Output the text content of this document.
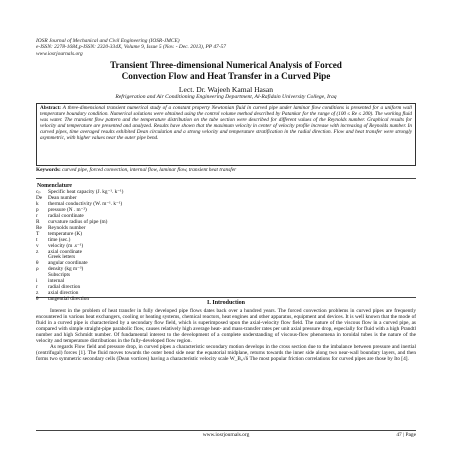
IOSR Journal of Mechanical and Civil Engineering (IOSR-JMCE)
e-ISSN: 2278-1684,p-ISSN: 2320-334X, Volume 9, Issue 5 (Nov. - Dec. 2013), PP 47-57
www.iosrjournals.org
Transient Three-dimensional Numerical Analysis of Forced
Convection Flow and Heat Transfer in a Curved Pipe
Lect. Dr. Wajeeh Kamal Hasan
Refrigeration and Air Conditioning Engineering Department, Al-Rafidain University College, Iraq
Abstract: A three-dimensional transient numerical study of a constant property Newtonian fluid in curved pipe under laminar flow conditions is presented for a uniform wall temperature boundary condition. Numerical solutions were obtained using the control volume method described by Patankar for the range of (100 ≤ Re ≤ 200). The working fluid was water. The transient flow pattern and the temperature distribution on the tube section were described for different values of the Reynolds number. Graphical results for velocity and temperature are presented and analyzed. Results have shown that the maximum velocity in center of velocity profile increase with increasing of Reynolds number. In curved pipes, time averaged results exhibited Dean circulation and a strong velocity and temperature stratification in the radial direction. Flow and heat transfer were strongly asymmetric, with higher values near the outer pipe bend.
Keywords: curved pipe, forced convection, internal flow, laminar flow, transient heat transfer
Nomenclature
cₚ Specific heat capacity (J. kg⁻¹. k⁻¹)
De Dean number
k thermal conductivity (W. m⁻¹. k⁻¹)
p pressure (N . m⁻²)
r radial coordinate
R curvature radius of pipe (m)
Re Reynolds number
T temperature (K)
t time (sec.)
v velocity (m .s⁻¹)
z axial coordinate
Greek letters
θ angular coordinate
ρ density (kg m⁻³)
Subscripts
i internal
r radial direction
z axial direction
θ tangential direction
I. Introduction

Interest in the problem of heat transfer in fully developed pipe flows dates back over a hundred years. The forced convection problems in curved pipes are frequently encountered in various heat exchangers, cooling or heating systems, chemical reactors, heat engines and other apparatus, equipment and devices. It is well known that the mode of fluid in a curved pipe is characterized by a secondary flow field, which is superimposed upon the axial-velocity flow field. The nature of the viscous flow in a curved pipe, as compared with simple straight-pipe parabolic flow, causes relatively high average heat- and mass-transfer rates per unit axial pressure drop, especially for fluid with a high Prandtl number and high Schmidt number. Of fundamental interest to the development of a complete understanding of viscous-flow phenomena in toroidal tubes is the nature of the velocity and temperature distributions in the fully-developed flow region.

As regards Flow field and pressure drop, in curved pipes a characteristic secondary motion develops in the cross section due to the imbalance between pressure and inertial (centrifugal) forces [1]. The fluid moves towards the outer bend side near the equatorial midplane, returns towards the inner side along two near-wall boundary layers, and then forms two symmetric secondary cells (Dean vortices) having a characteristic velocity scale W_B₀√δ The most popular friction correlations for curved pipes are those by Ito [4].

www.iosrjournals.org	47 | Page
